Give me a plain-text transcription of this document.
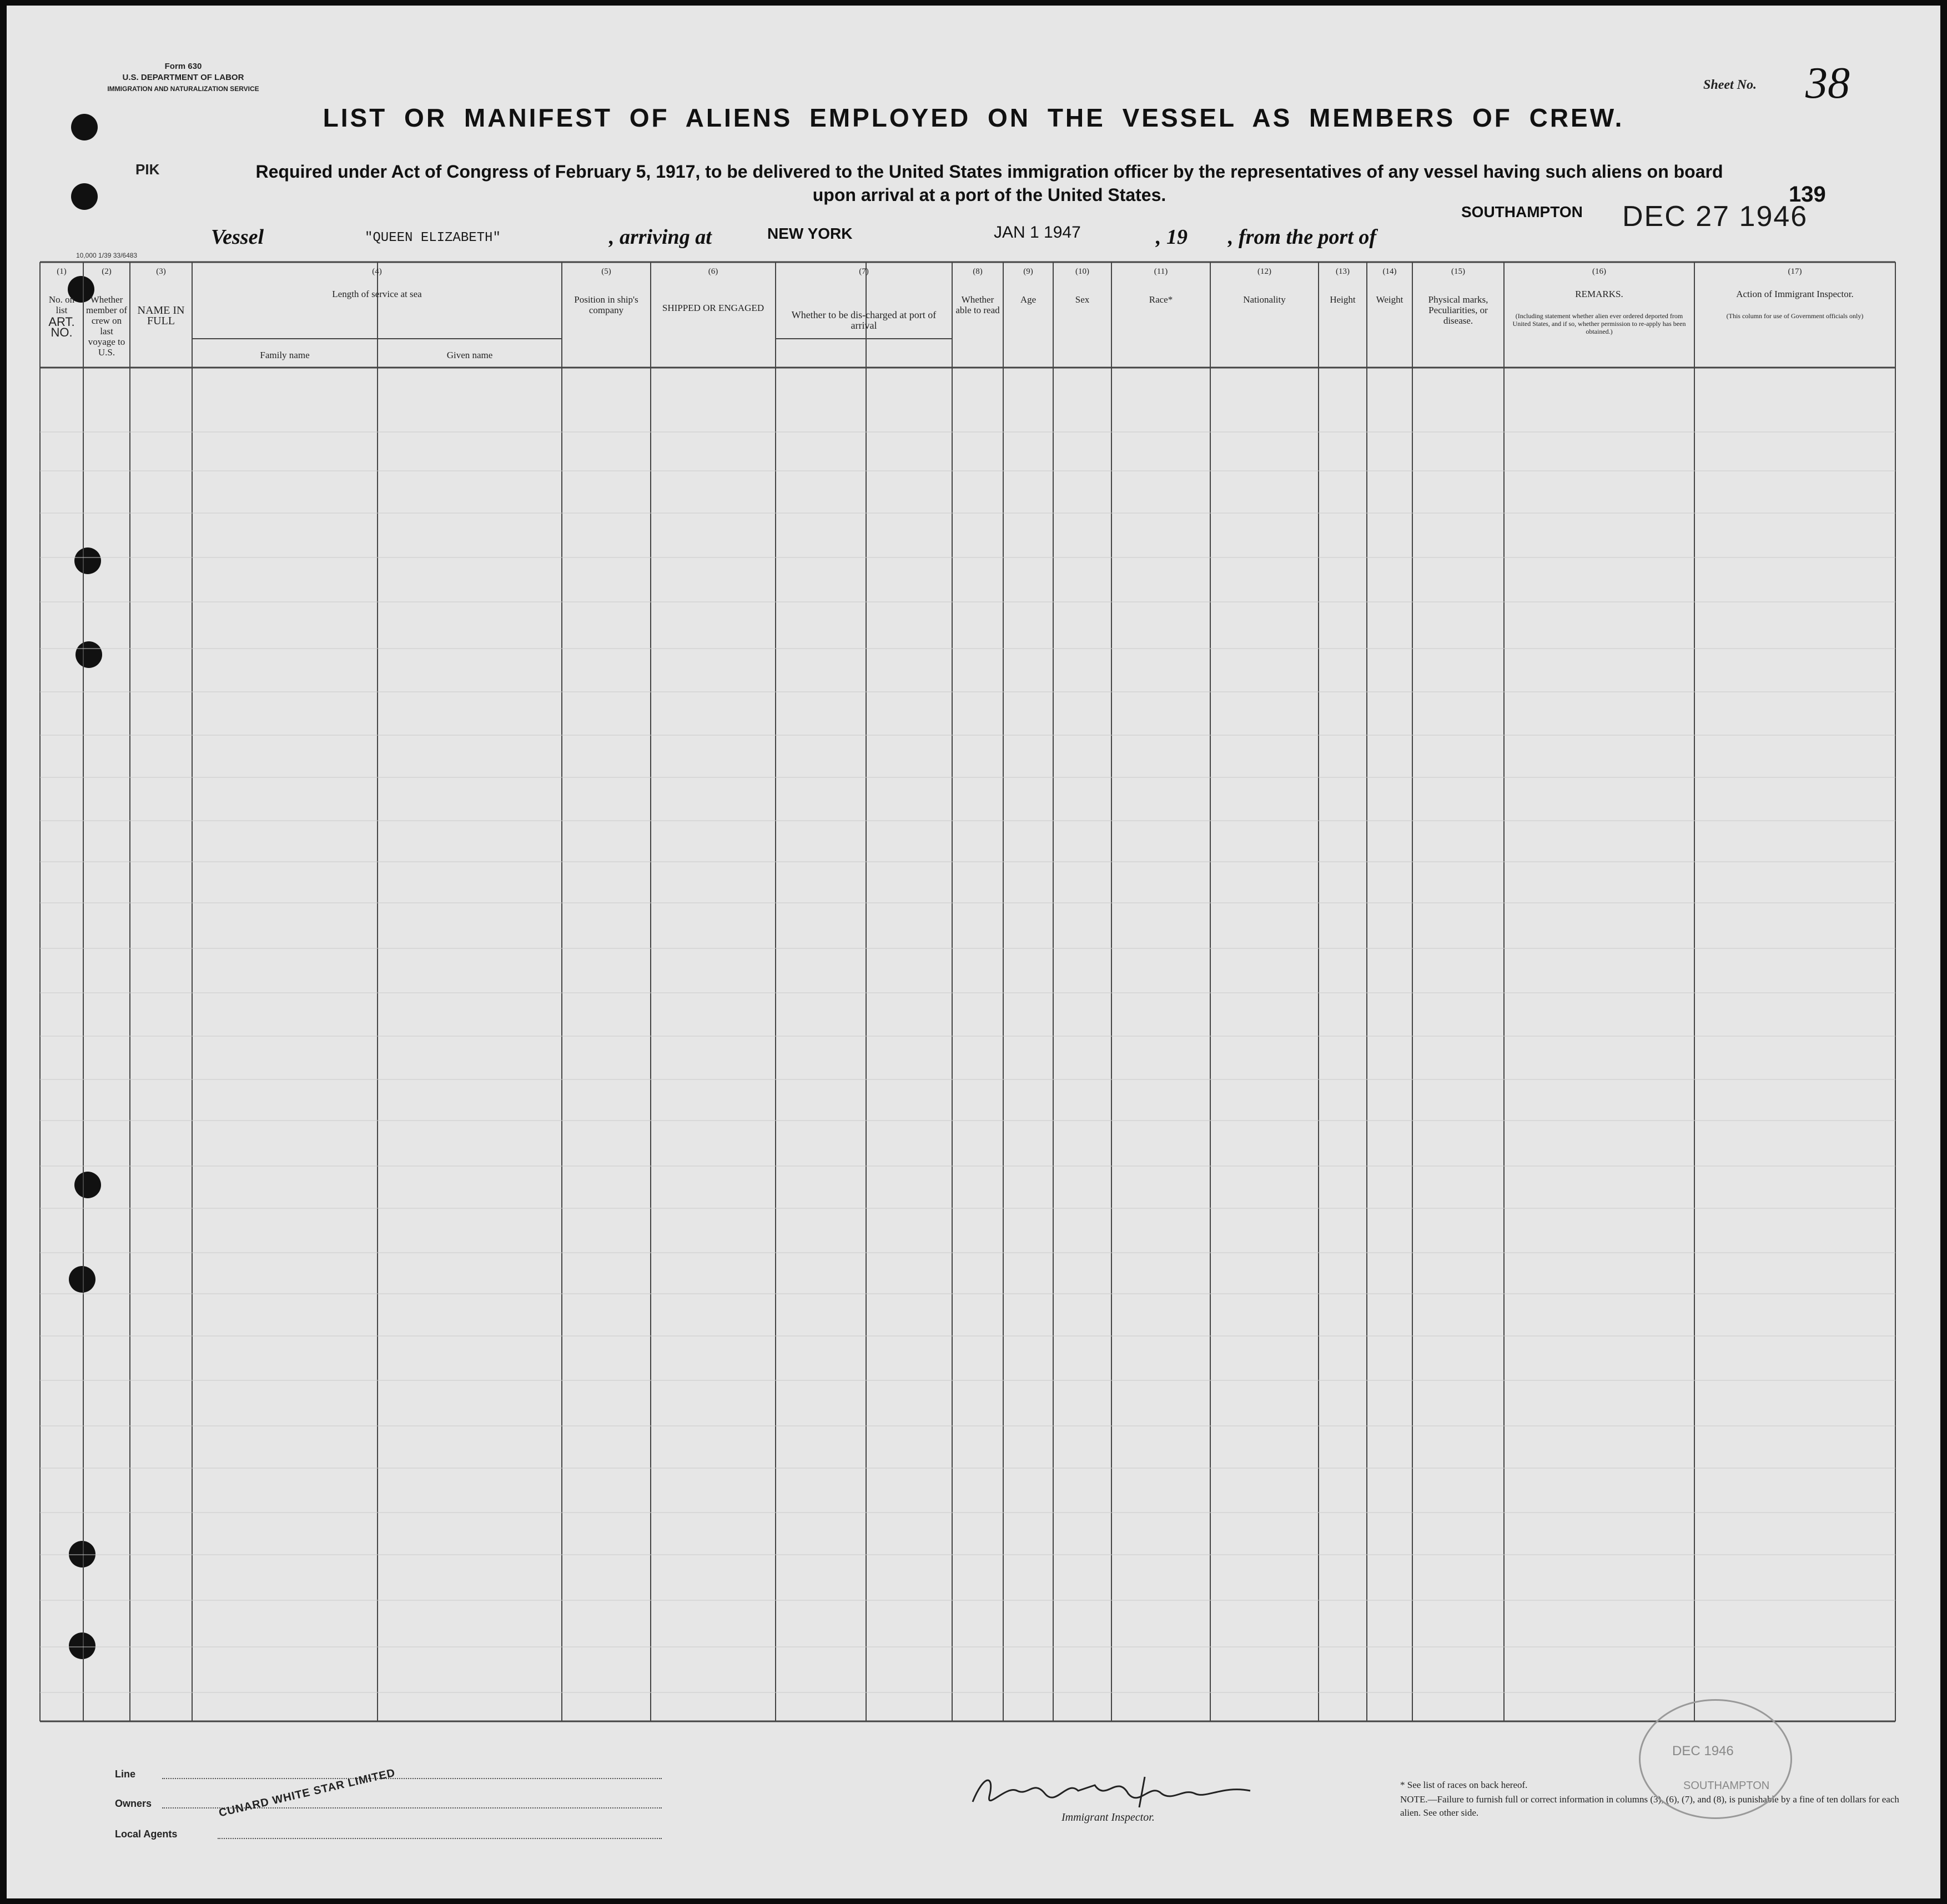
Form 630
U.S. DEPARTMENT OF LABOR
IMMIGRATION AND NATURALIZATION SERVICE
LIST OR MANIFEST OF ALIENS EMPLOYED ON THE VESSEL AS MEMBERS OF CREW.
Sheet No. 38
PIK	Required under Act of Congress of February 5, 1917, to be delivered to the United States immigration officer by the representatives of any vessel having such aliens on board upon arrival at a port of the United States.	139
SOUTHAMPTON DEC 27 1946
Vessel	"QUEEN ELIZABETH"	, arriving at	NEW YORK	JAN 1 1947	, 19 , from the port of
10,000 1/39 33/6483
ART. NO.
(1)
No. on list
(2)
Whether member of crew on last voyage to U.S.
(3)
NAME IN FULL
Family name	Given name
(4)
Length of service at sea
(5)
Position in ship's company
(6)
SHIPPED OR ENGAGED
(7)
Whether to be dis-charged at port of arrival
(8)
Whether able to read
(9)
Age
(10)
Sex
(11)
Race*
(12)
Nationality
(13)
Height
(14)
Weight
(15)
Physical marks, Peculiarities, or disease.
(16)
REMARKS.
(Including statement whether alien ever ordered deported from United States, and if so, whether permission to re-apply has been obtained.)
(17)
Action of Immigrant Inspector.
(This column for use of Government officials only)
Line
Owners
Local Agents
CUNARD WHITE STAR LIMITED	Immigrant Inspector.
* See list of races on back hereof.
NOTE.—Failure to furnish full or correct information in columns (3), (6), (7), and (8), is punishable by a fine of ten dollars for each alien. See other side.
DEC 1946
SOUTHAMPTON
